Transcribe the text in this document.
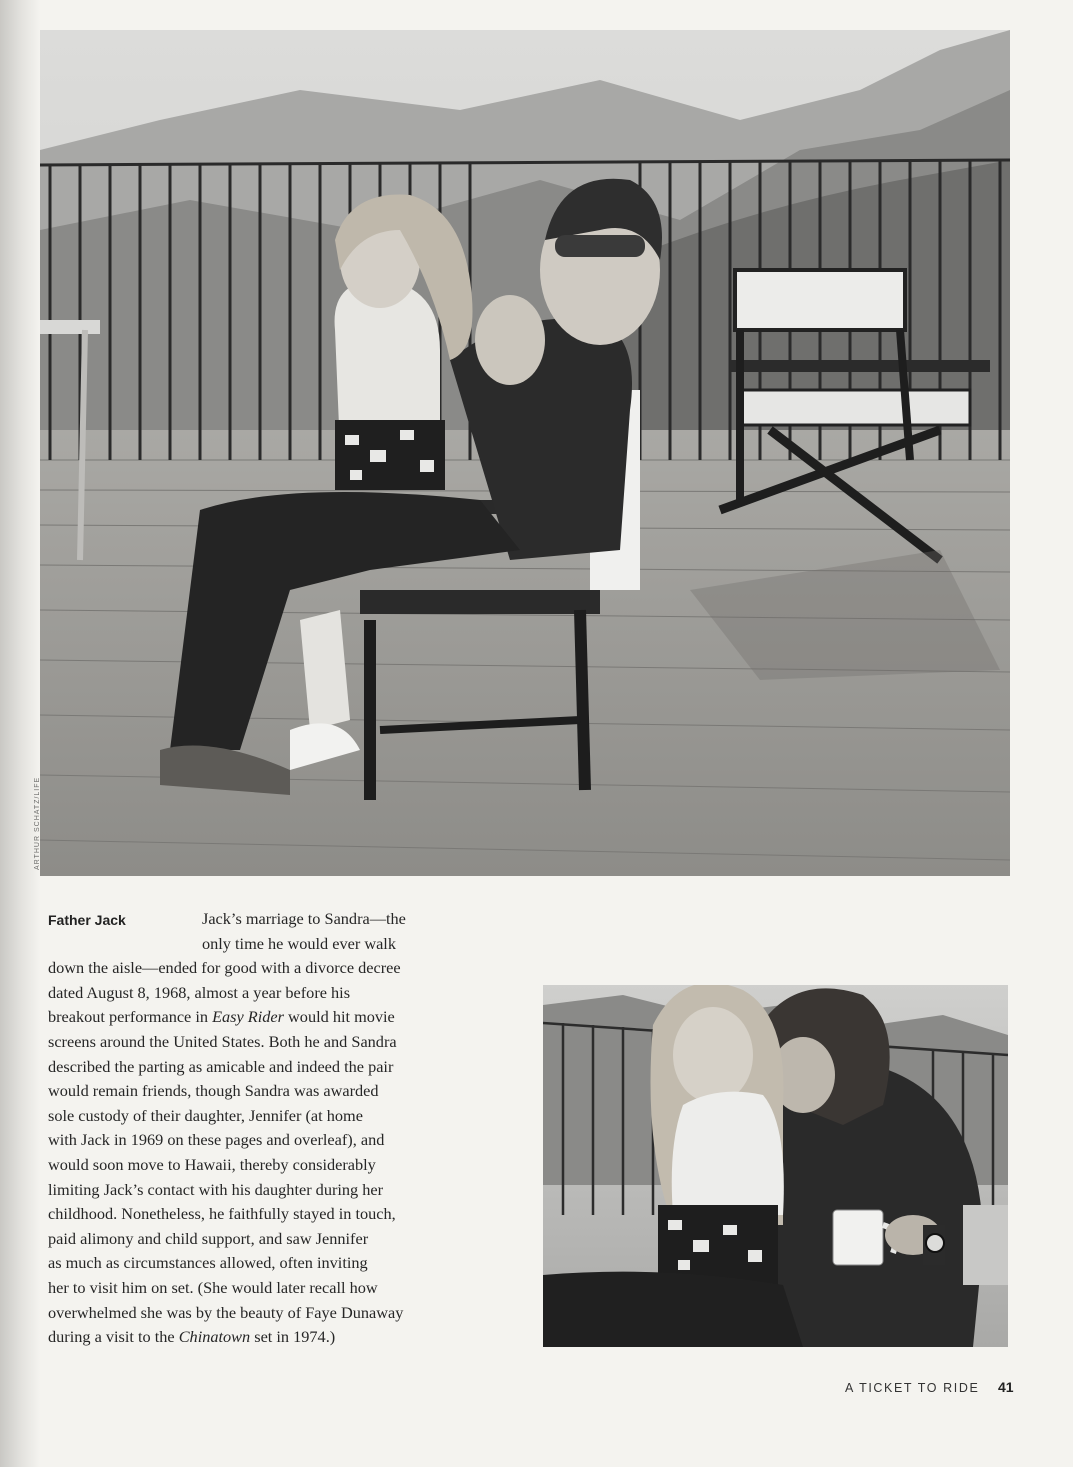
ARTHUR SCHATZ/LIFE
Father Jack	Jack’s marriage to Sandra—the

only time he would ever walk

down the aisle—ended for good with a divorce decree

dated August 8, 1968, almost a year before his

breakout performance in Easy Rider would hit movie

screens around the United States. Both he and Sandra

described the parting as amicable and indeed the pair

would remain friends, though Sandra was awarded

sole custody of their daughter, Jennifer (at home

with Jack in 1969 on these pages and overleaf), and

would soon move to Hawaii, thereby considerably

limiting Jack’s contact with his daughter during her

childhood. Nonetheless, he faithfully stayed in touch,

paid alimony and child support, and saw Jennifer

as much as circumstances allowed, often inviting

her to visit him on set. (She would later recall how

overwhelmed she was by the beauty of Faye Dunaway

during a visit to the Chinatown set in 1974.)

A TICKET TO RIDE 41
